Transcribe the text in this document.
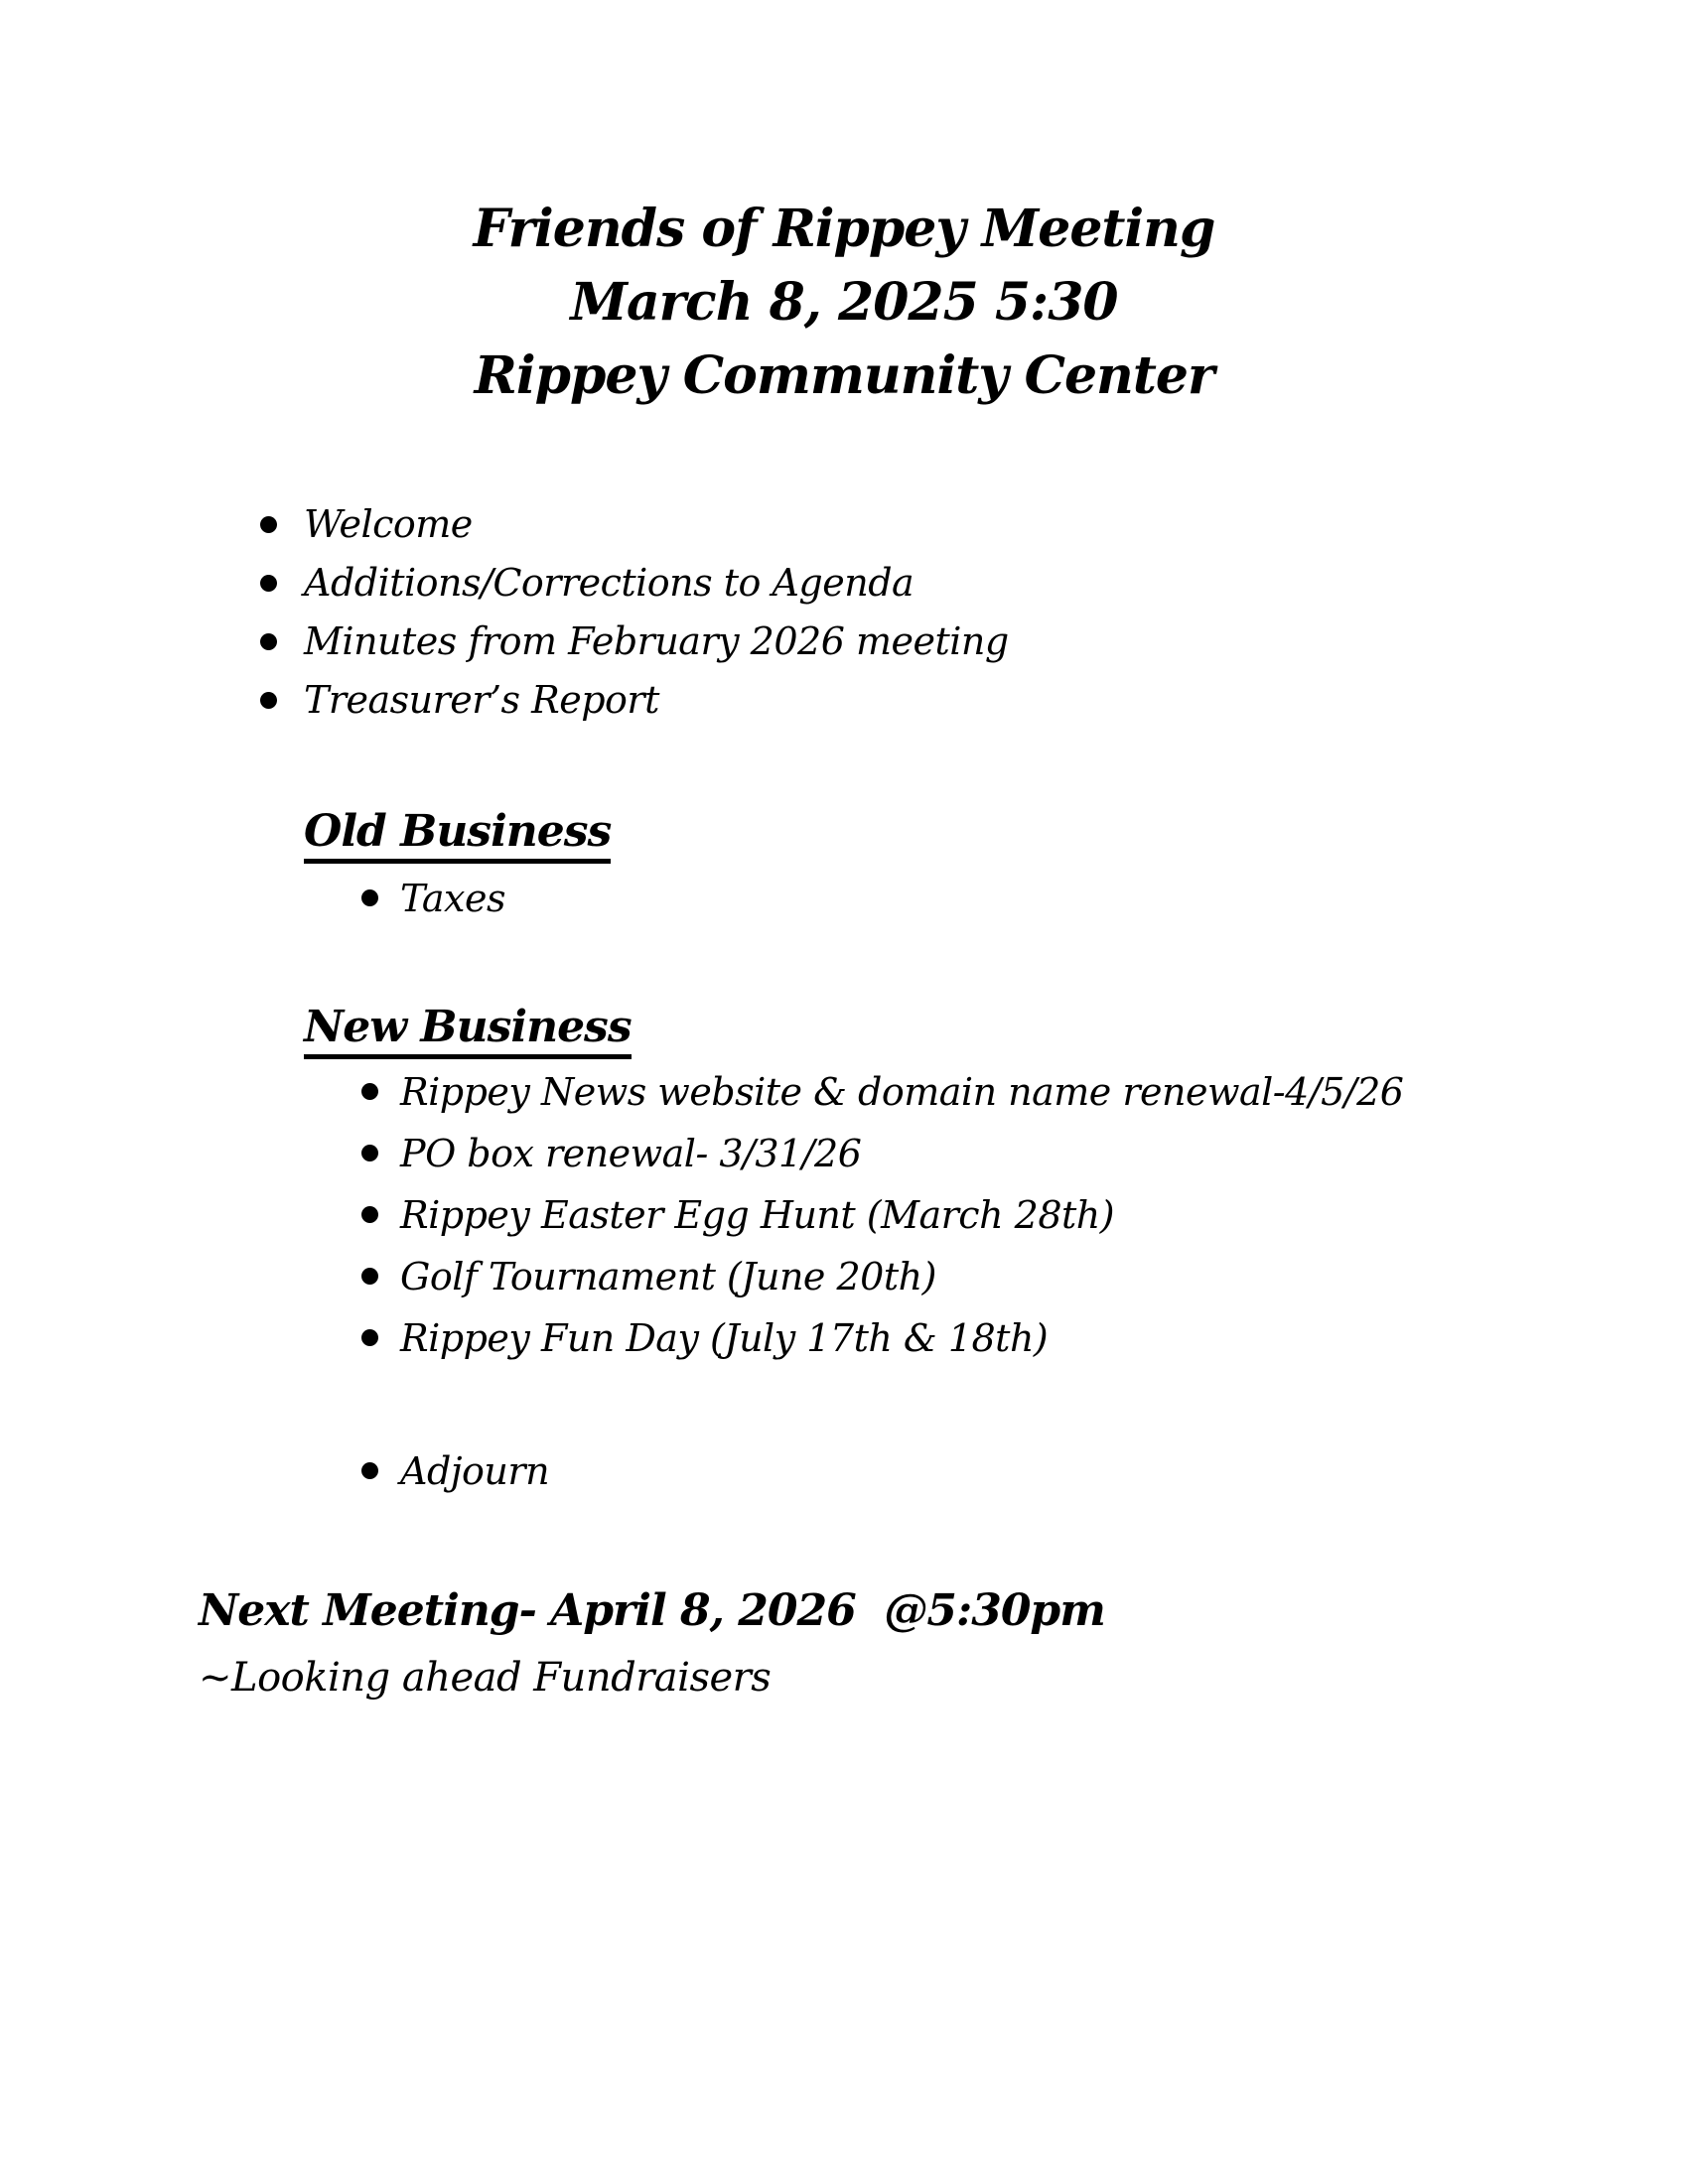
Friends of Rippey Meeting
March 8, 2025 5:30
Rippey Community Center
Welcome
Additions/Corrections to Agenda
Minutes from February 2026 meeting
Treasurer’s Report
Old Business
Taxes
New Business
Rippey News website & domain name renewal-4/5/26
PO box renewal- 3/31/26
Rippey Easter Egg Hunt (March 28th)
Golf Tournament (June 20th)
Rippey Fun Day (July 17th & 18th)
Adjourn
Next Meeting- April 8, 2026  @5:30pm
~Looking ahead Fundraisers
